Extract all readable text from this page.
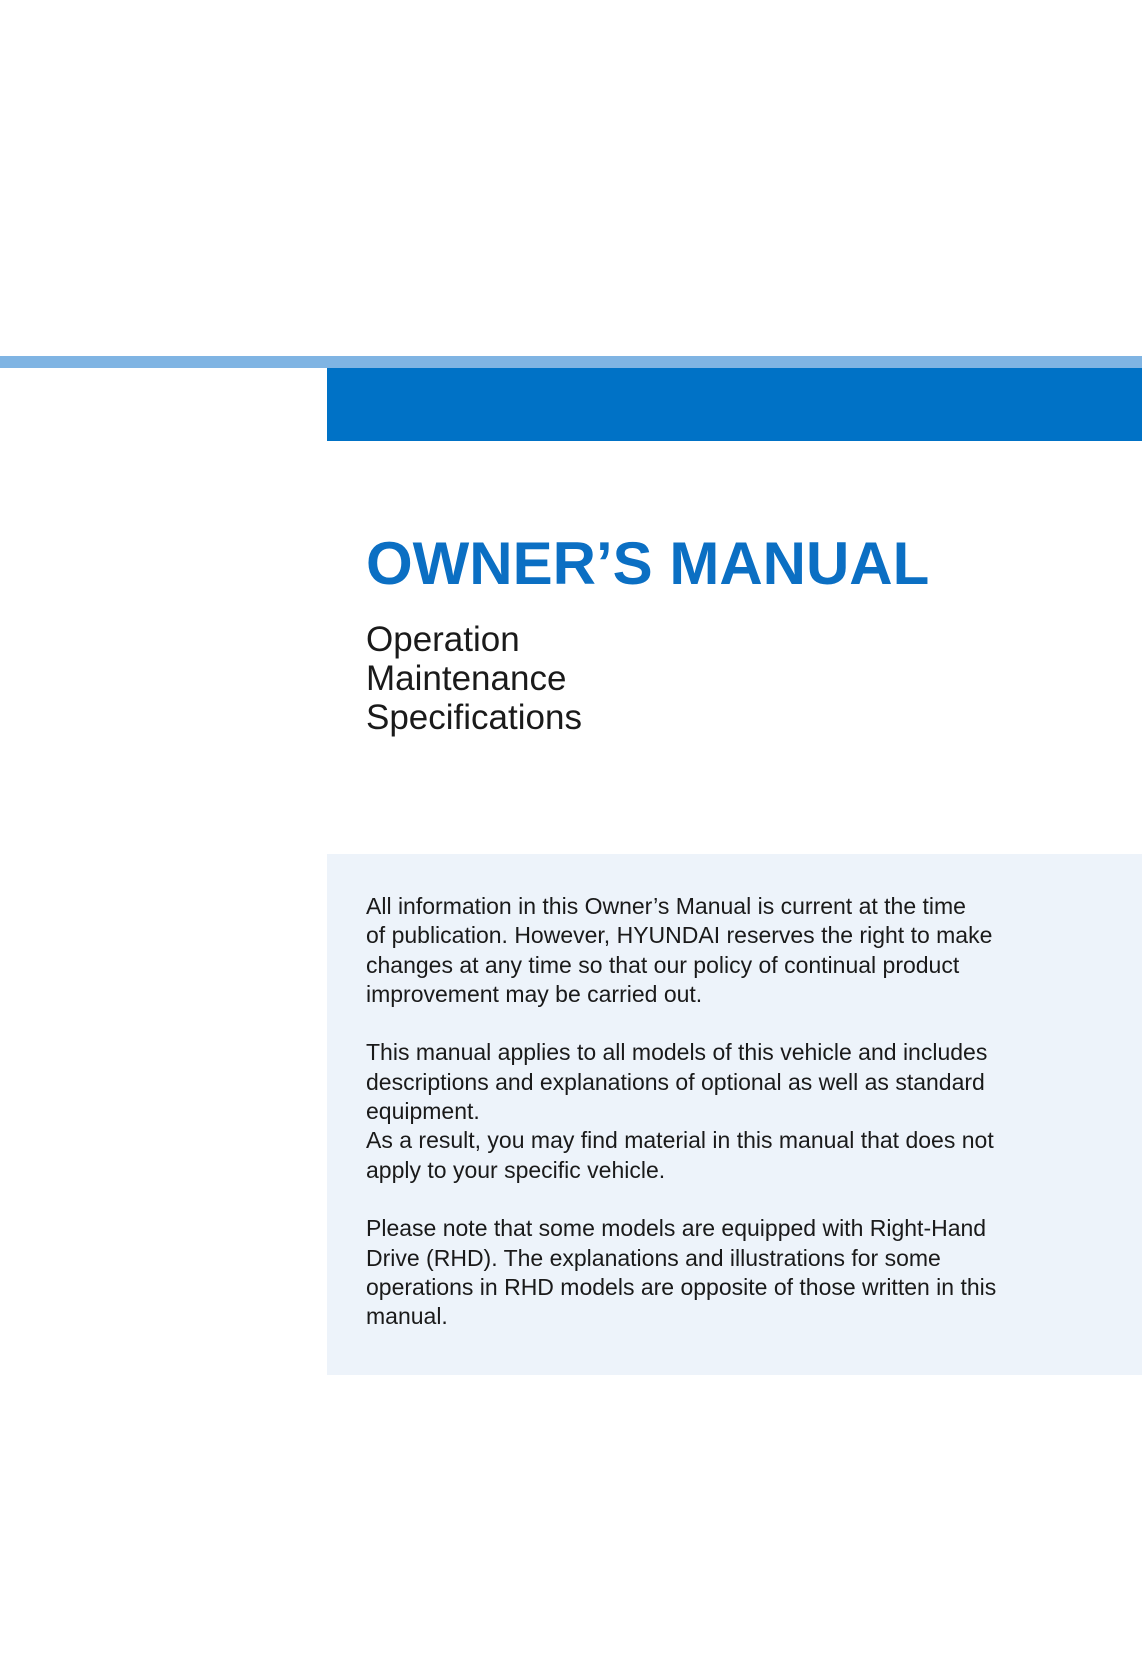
OWNER’S MANUAL
Operation
Maintenance
Specifications

All information in this Owner’s Manual is current at the time

of publication. However, HYUNDAI reserves the right to make

changes at any time so that our policy of continual product

improvement may be carried out.

This manual applies to all models of this vehicle and includes

descriptions and explanations of optional as well as standard

equipment.

As a result, you may find material in this manual that does not

apply to your specific vehicle.

Please note that some models are equipped with Right-Hand

Drive (RHD). The explanations and illustrations for some

operations in RHD models are opposite of those written in this

manual.
